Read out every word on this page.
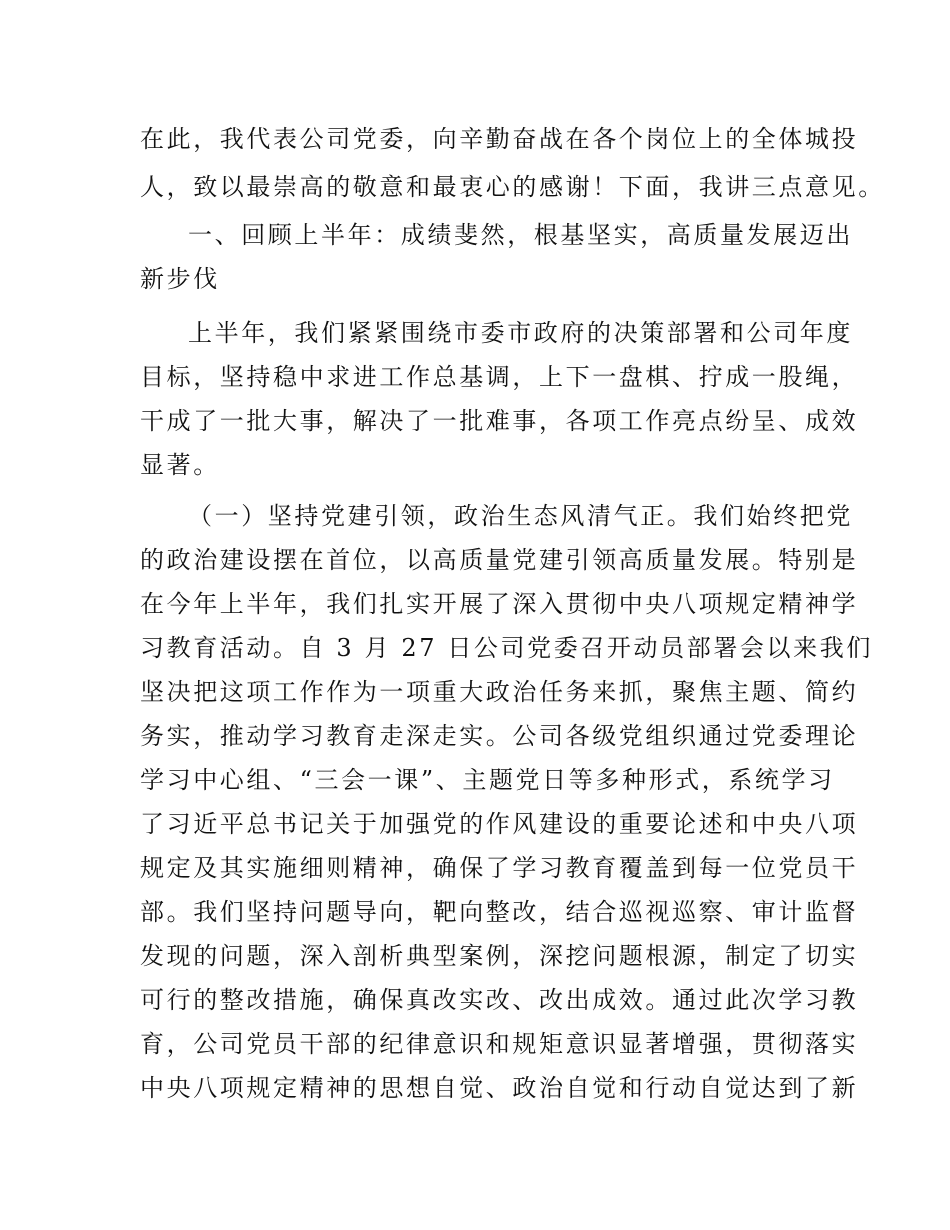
在此，我代表公司党委，向辛勤奋战在各个岗位上的全体城投
人，致以最崇高的敬意和最衷心的感谢！下面，我讲三点意见。
一、回顾上半年：成绩斐然，根基坚实，高质量发展迈出
新步伐
上半年，我们紧紧围绕市委市政府的决策部署和公司年度
目标，坚持稳中求进工作总基调，上下一盘棋、拧成一股绳，
干成了一批大事，解决了一批难事，各项工作亮点纷呈、成效
显著。
（一）坚持党建引领，政治生态风清气正。我们始终把党
的政治建设摆在首位，以高质量党建引领高质量发展。特别是
在今年上半年，我们扎实开展了深入贯彻中央八项规定精神学
习教育活动。自 3 月 27 日公司党委召开动员部署会以来我们
坚决把这项工作作为一项重大政治任务来抓，聚焦主题、简约
务实，推动学习教育走深走实。公司各级党组织通过党委理论
学习中心组、“三会一课”、主题党日等多种形式，系统学习
了习近平总书记关于加强党的作风建设的重要论述和中央八项
规定及其实施细则精神，确保了学习教育覆盖到每一位党员干
部。我们坚持问题导向，靶向整改，结合巡视巡察、审计监督
发现的问题，深入剖析典型案例，深挖问题根源，制定了切实
可行的整改措施，确保真改实改、改出成效。通过此次学习教
育，公司党员干部的纪律意识和规矩意识显著增强，贯彻落实
中央八项规定精神的思想自觉、政治自觉和行动自觉达到了新
